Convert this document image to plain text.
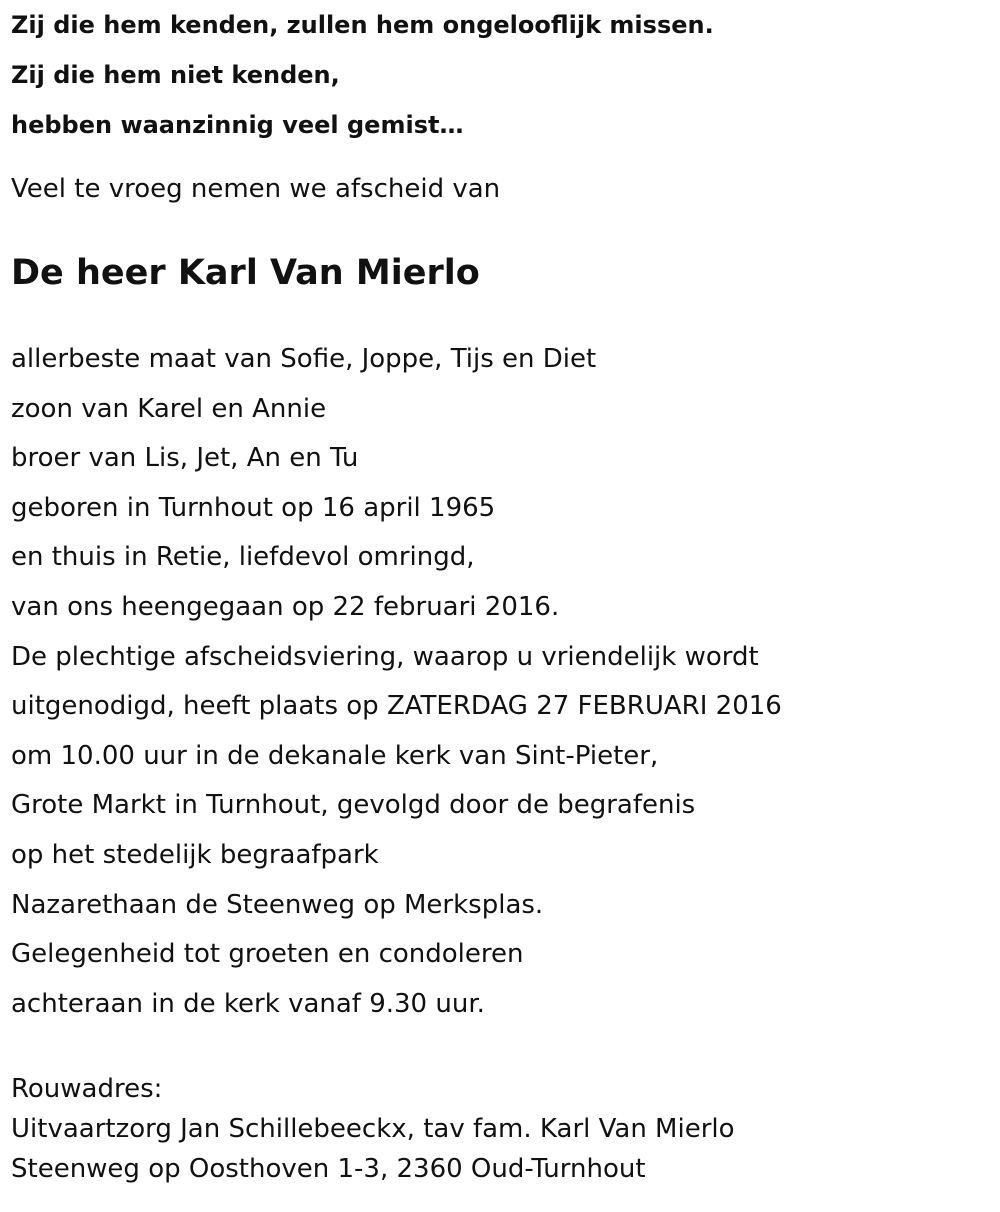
Zij die hem kenden, zullen hem ongelooflijk missen.
Zij die hem niet kenden,
hebben waanzinnig veel gemist…
Veel te vroeg nemen we afscheid van
De heer Karl Van Mierlo
allerbeste maat van Sofie, Joppe, Tijs en Diet
zoon van Karel en Annie
broer van Lis, Jet, An en Tu
geboren in Turnhout op 16 april 1965
en thuis in Retie, liefdevol omringd,
van ons heengegaan op 22 februari 2016.
De plechtige afscheidsviering, waarop u vriendelijk wordt
uitgenodigd, heeft plaats op ZATERDAG 27 FEBRUARI 2016
om 10.00 uur in de dekanale kerk van Sint-Pieter,
Grote Markt in Turnhout, gevolgd door de begrafenis
op het stedelijk begraafpark
Nazarethaan de Steenweg op Merksplas.
Gelegenheid tot groeten en condoleren
achteraan in de kerk vanaf 9.30 uur.
Rouwadres:
Uitvaartzorg Jan Schillebeeckx, tav fam. Karl Van Mierlo
Steenweg op Oosthoven 1-3, 2360 Oud-Turnhout
